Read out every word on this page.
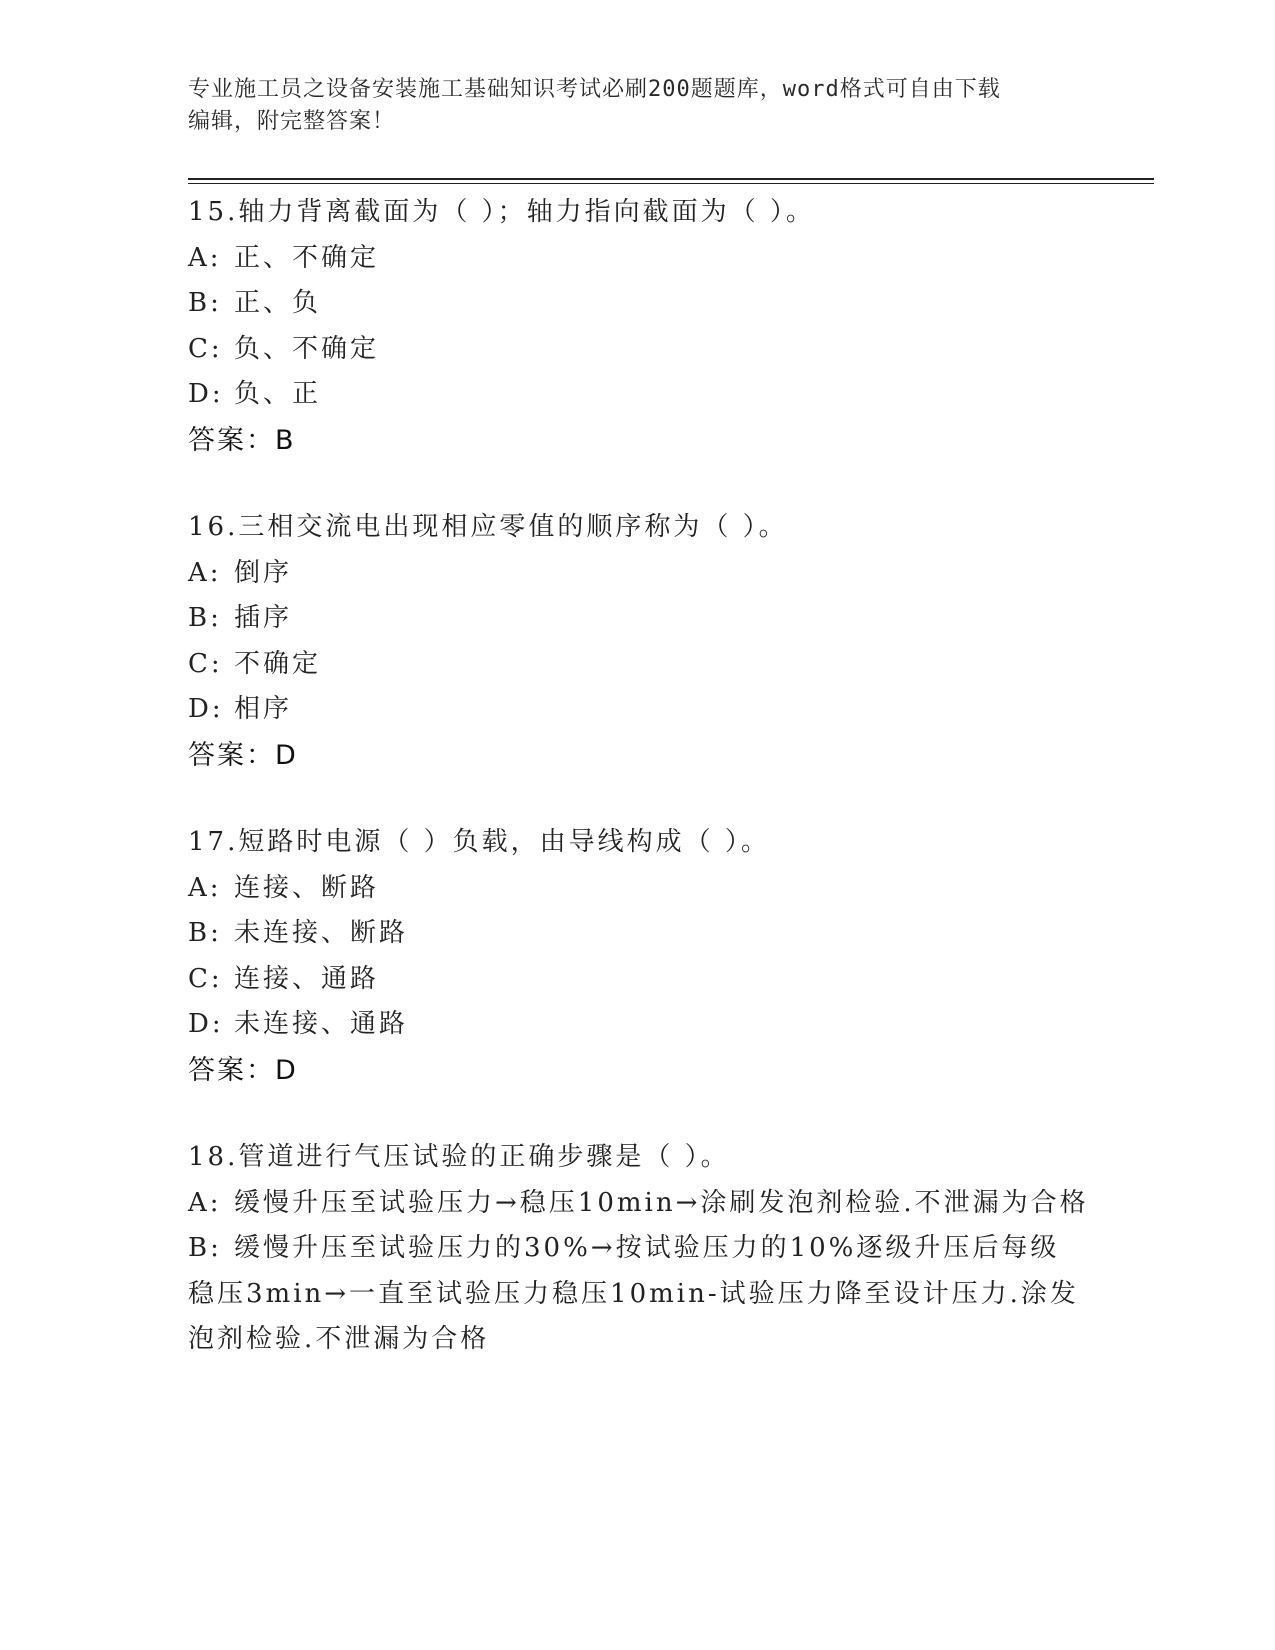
专业施工员之设备安装施工基础知识考试必刷200题题库，word格式可自由下载
编辑，附完整答案！
15.轴力背离截面为（ ）；轴力指向截面为（ ）。
A: 正、不确定
B: 正、负
C: 负、不确定
D: 负、正
答案：B
16.三相交流电出现相应零值的顺序称为（ ）。
A: 倒序
B: 插序
C: 不确定
D: 相序
答案：D
17.短路时电源（ ）负载，由导线构成（ ）。
A: 连接、断路
B: 未连接、断路
C: 连接、通路
D: 未连接、通路
答案：D
18.管道进行气压试验的正确步骤是（ ）。
A: 缓慢升压至试验压力→稳压10min→涂刷发泡剂检验.不泄漏为合格
B: 缓慢升压至试验压力的30%→按试验压力的10%逐级升压后每级稳压3min→一直至试验压力稳压10min-试验压力降至设计压力.涂发泡剂检验.不泄漏为合格
